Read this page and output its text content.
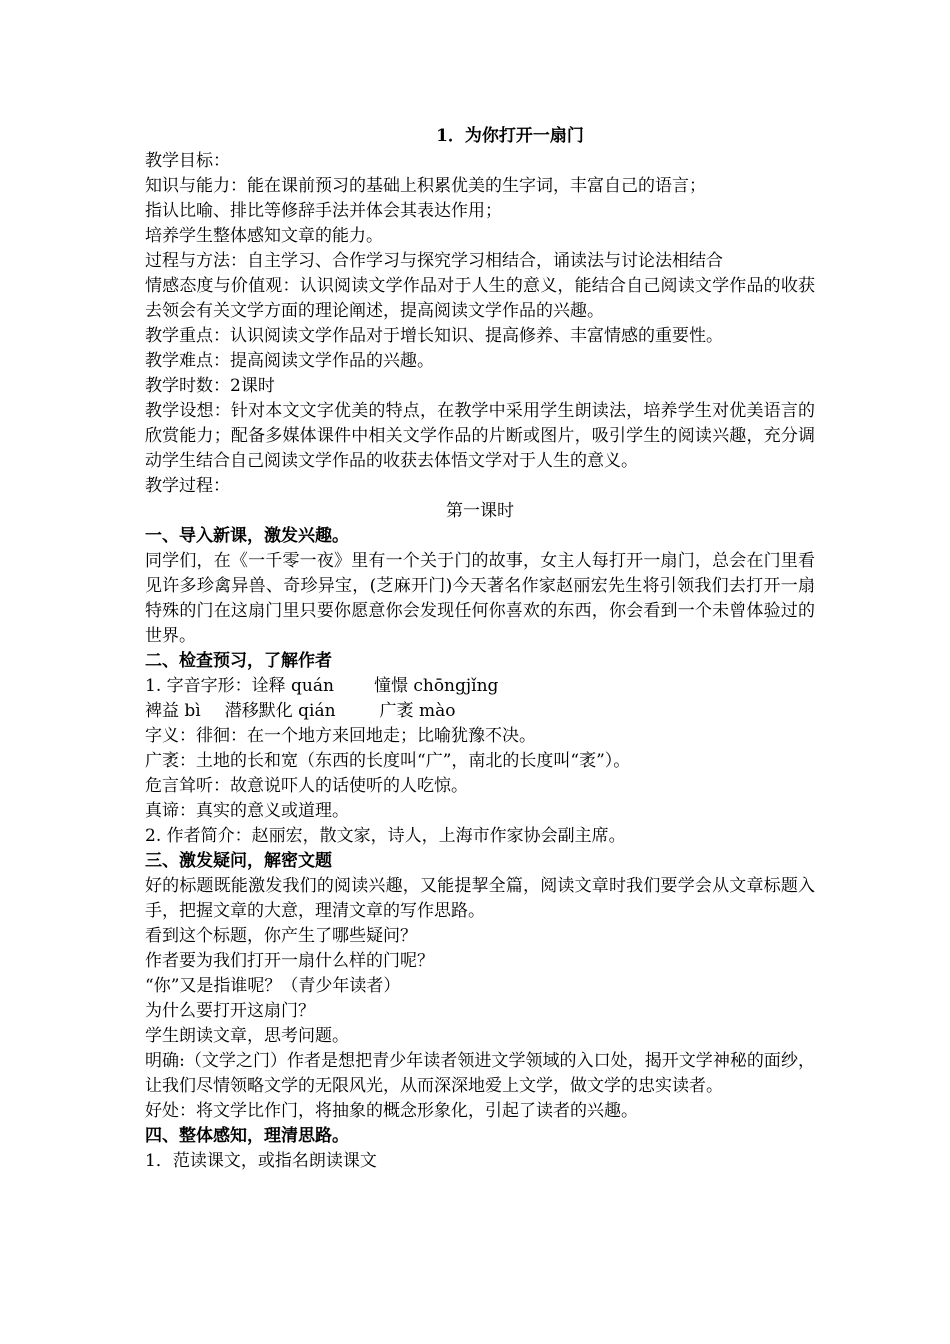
1．为你打开一扇门
教学目标：
知识与能力：能在课前预习的基础上积累优美的生字词，丰富自己的语言；
指认比喻、排比等修辞手法并体会其表达作用；
培养学生整体感知文章的能力。
过程与方法：自主学习、合作学习与探究学习相结合，诵读法与讨论法相结合
情感态度与价值观：认识阅读文学作品对于人生的意义，能结合自己阅读文学作品的收获去领会有关文学方面的理论阐述，提高阅读文学作品的兴趣。
教学重点：认识阅读文学作品对于增长知识、提高修养、丰富情感的重要性。
教学难点：提高阅读文学作品的兴趣。
教学时数：2课时
教学设想：针对本文文字优美的特点，在教学中采用学生朗读法，培养学生对优美语言的欣赏能力；配备多媒体课件中相关文学作品的片断或图片，吸引学生的阅读兴趣，充分调动学生结合自己阅读文学作品的收获去体悟文学对于人生的意义。
教学过程：
第一课时
一、导入新课，激发兴趣。
同学们，在《一千零一夜》里有一个关于门的故事，女主人每打开一扇门，总会在门里看见许多珍禽异兽、奇珍异宝，(芝麻开门)今天著名作家赵丽宏先生将引领我们去打开一扇特殊的门在这扇门里只要你愿意你会发现任何你喜欢的东西，你会看到一个未曾体验过的世界。
二、检查预习，了解作者
1. 字音字形：诠释 quán 憧憬 chōngjǐng
裨益 bì 潜移默化 qián	广袤 mào
字义：徘徊：在一个地方来回地走；比喻犹豫不决。
广袤：土地的长和宽（东西的长度叫“广”，南北的长度叫“袤”）。
危言耸听：故意说吓人的话使听的人吃惊。
真谛：真实的意义或道理。
2. 作者简介：赵丽宏，散文家，诗人，上海市作家协会副主席。
三、激发疑问，解密文题
好的标题既能激发我们的阅读兴趣，又能提挈全篇，阅读文章时我们要学会从文章标题入手，把握文章的大意，理清文章的写作思路。
看到这个标题，你产生了哪些疑问？
作者要为我们打开一扇什么样的门呢？
“你”又是指谁呢？（青少年读者）
为什么要打开这扇门？
学生朗读文章，思考问题。
明确:（文学之门）作者是想把青少年读者领进文学领域的入口处，揭开文学神秘的面纱，让我们尽情领略文学的无限风光，从而深深地爱上文学，做文学的忠实读者。
好处：将文学比作门，将抽象的概念形象化，引起了读者的兴趣。
四、整体感知，理清思路。
1．范读课文，或指名朗读课文
